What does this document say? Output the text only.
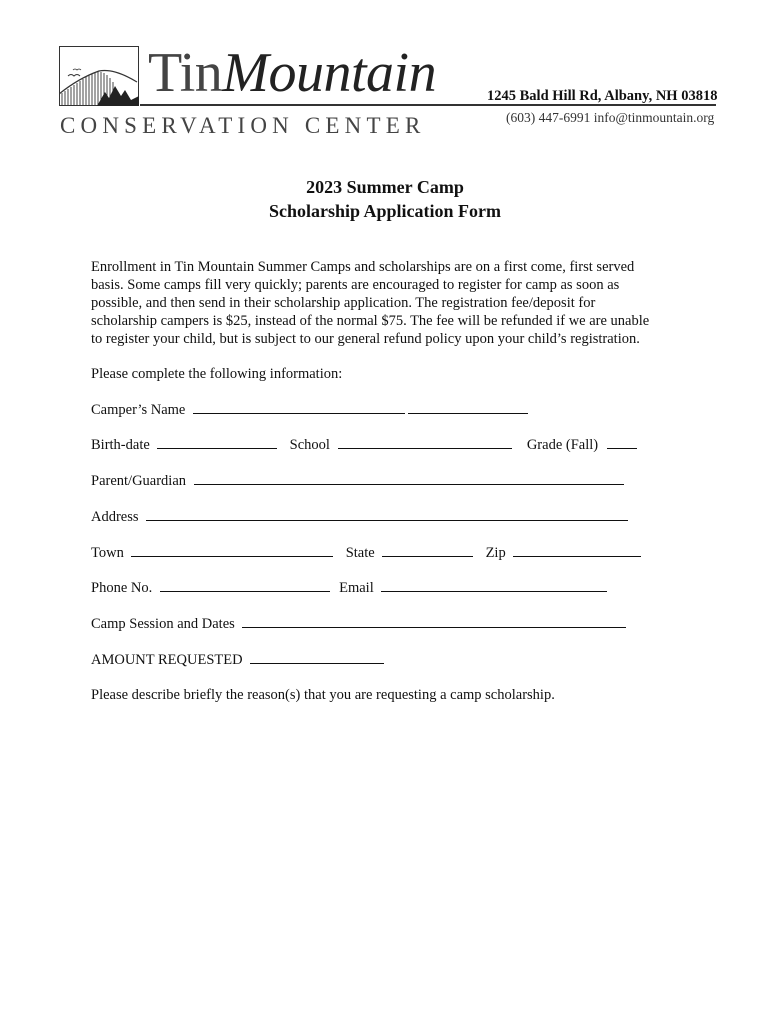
TinMountain
CONSERVATION CENTER
1245 Bald Hill Rd, Albany, NH 03818
(603) 447-6991 info@tinmountain.org
2023 Summer Camp
Scholarship Application Form
Enrollment in Tin Mountain Summer Camps and scholarships are on a first come, first served
basis. Some camps fill very quickly; parents are encouraged to register for camp as soon as
possible, and then send in their scholarship application. The registration fee/deposit for
scholarship campers is $25, instead of the normal $75. The fee will be refunded if we are unable
to register your child, but is subject to our general refund policy upon your child’s registration.
Please complete the following information:
Camper’s Name
Birth-date	School	Grade (Fall)
Parent/Guardian
Address
Town	State	Zip
Phone No.	Email
Camp Session and Dates
AMOUNT REQUESTED
Please describe briefly the reason(s) that you are requesting a camp scholarship.
